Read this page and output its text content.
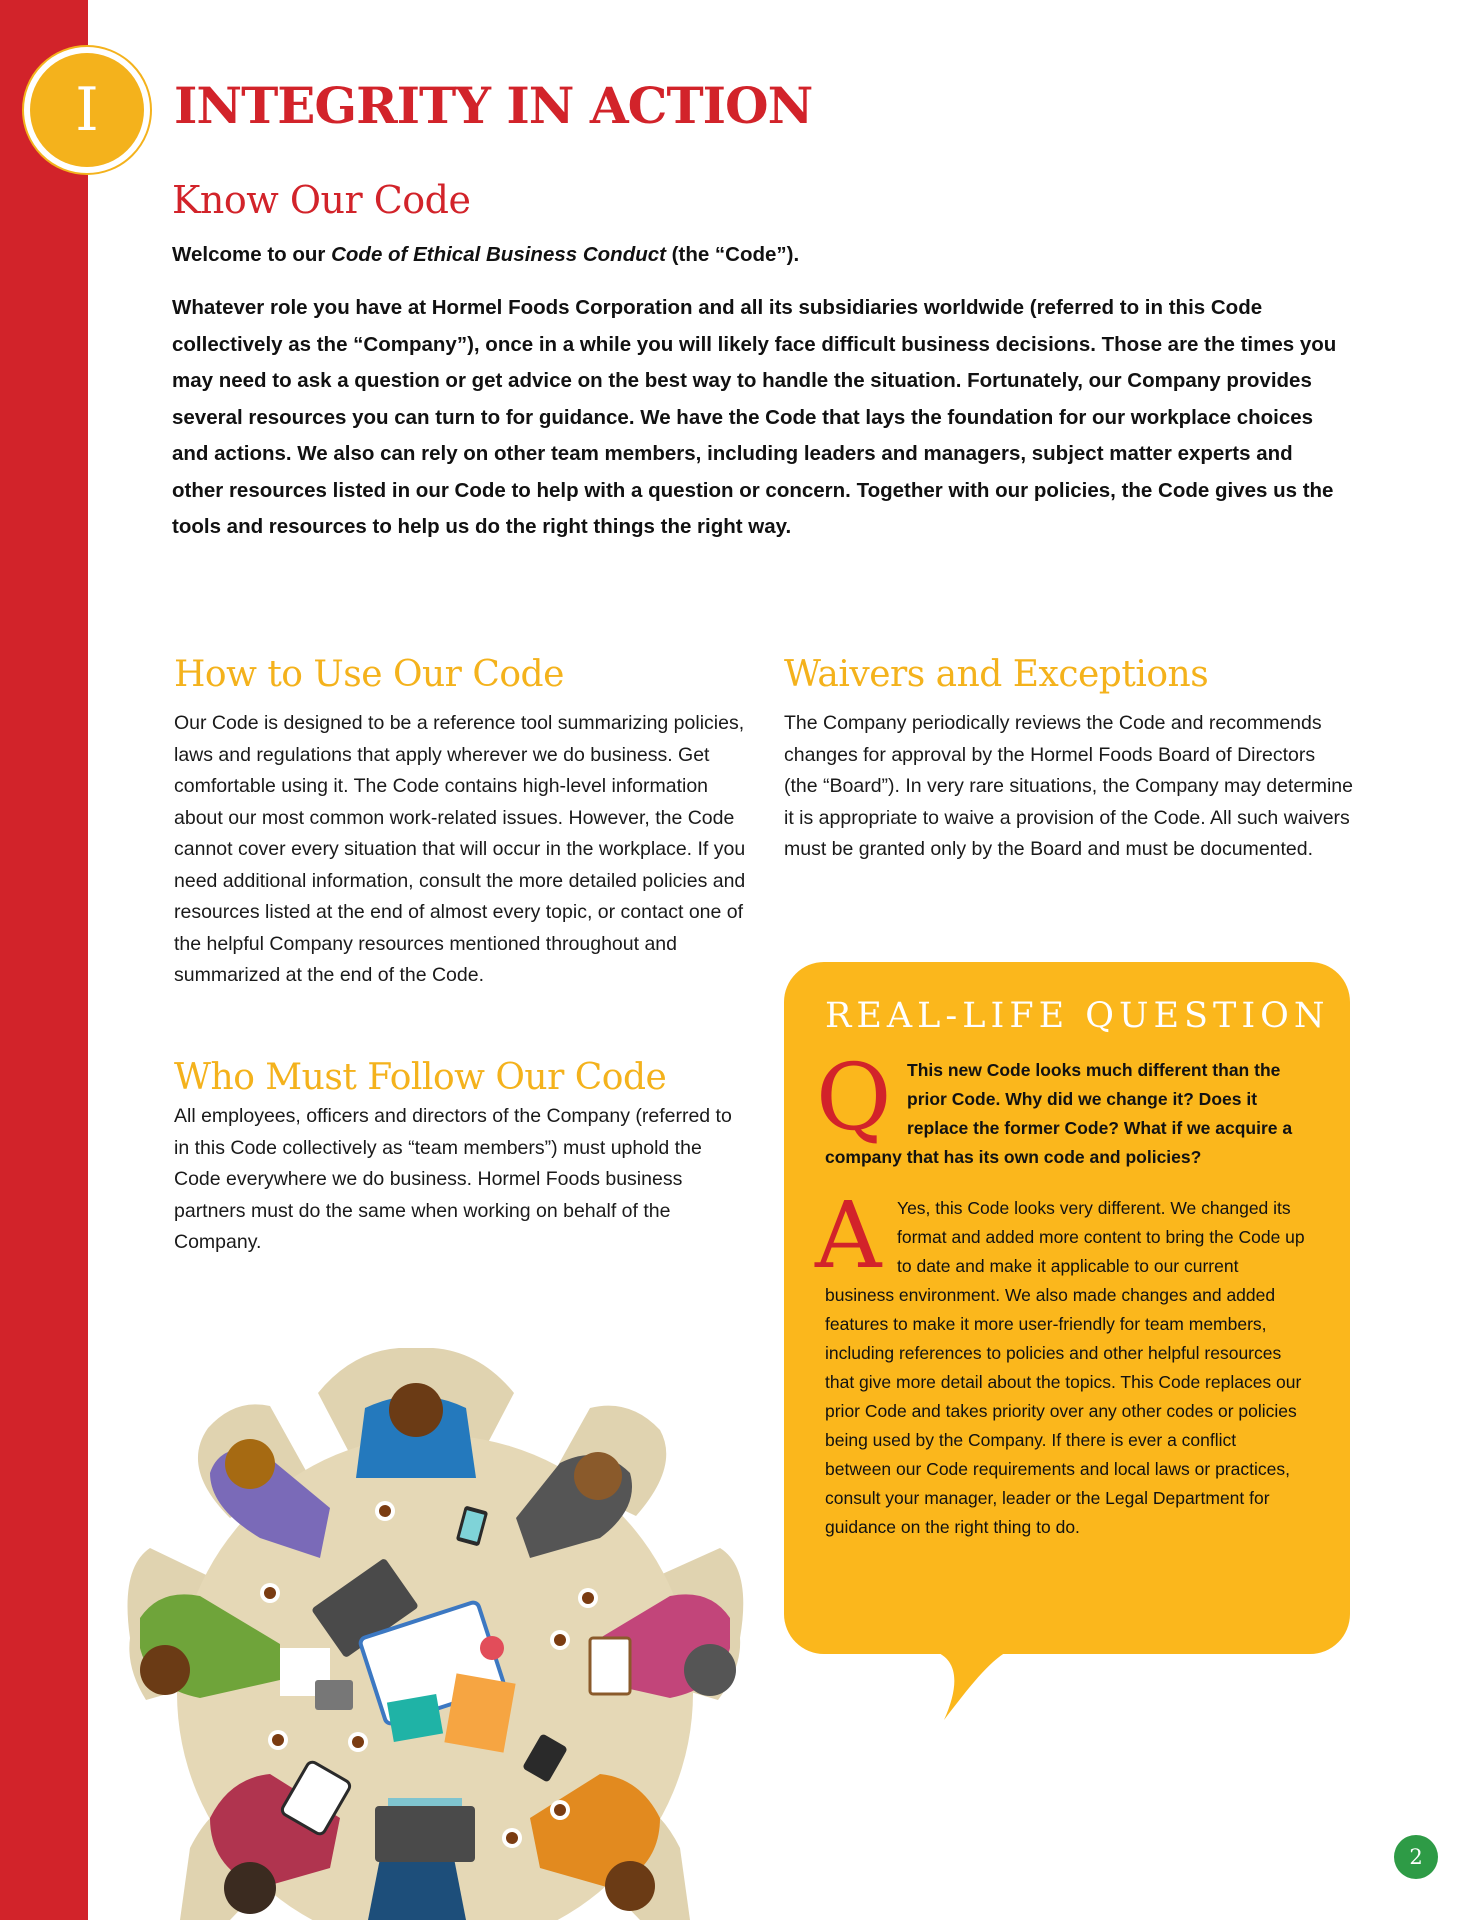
I	INTEGRITY IN ACTION
Know Our Code

Welcome to our Code of Ethical Business Conduct (the “Code”).

Whatever role you have at Hormel Foods Corporation and all its subsidiaries worldwide (referred to in this Code collectively as the “Company”), once in a while you will likely face difficult business decisions. Those are the times you may need to ask a question or get advice on the best way to handle the situation. Fortunately, our Company provides several resources you can turn to for guidance. We have the Code that lays the foundation for our workplace choices and actions. We also can rely on other team members, including leaders and managers, subject matter experts and other resources listed in our Code to help with a question or concern. Together with our policies, the Code gives us the tools and resources to help us do the right things the right way.

How to Use Our Code

Our Code is designed to be a reference tool summarizing policies, laws and regulations that apply wherever we do business. Get comfortable using it. The Code contains high-level information about our most common work-related issues. However, the Code cannot cover every situation that will occur in the workplace. If you need additional information, consult the more detailed policies and resources listed at the end of almost every topic, or contact one of the helpful Company resources mentioned throughout and summarized at the end of the Code.

Who Must Follow Our Code

All employees, officers and directors of the Company (referred to in this Code collectively as “team members”) must uphold the Code everywhere we do business. Hormel Foods business partners must do the same when working on behalf of the Company.

Waivers and Exceptions

The Company periodically reviews the Code and recommends changes for approval by the Hormel Foods Board of Directors (the “Board”). In very rare situations, the Company may determine it is appropriate to waive a provision of the Code. All such waivers must be granted only by the Board and must be documented.

REAL-LIFE QUESTION

This new Code looks much different than the prior Code. Why did we change it? Does it replace the former Code? What if we acquire a company that has its own code and policies?

Q

Yes, this Code looks very different. We changed its format and added more content to bring the Code up to date and make it applicable to our current business environment. We also made changes and added features to make it more user-friendly for team members, including references to policies and other helpful resources that give more detail about the topics. This Code replaces our prior Code and takes priority over any other codes or policies being used by the Company. If there is ever a conflict between our Code requirements and local laws or practices, consult your manager, leader or the Legal Department for guidance on the right thing to do.

A
2
